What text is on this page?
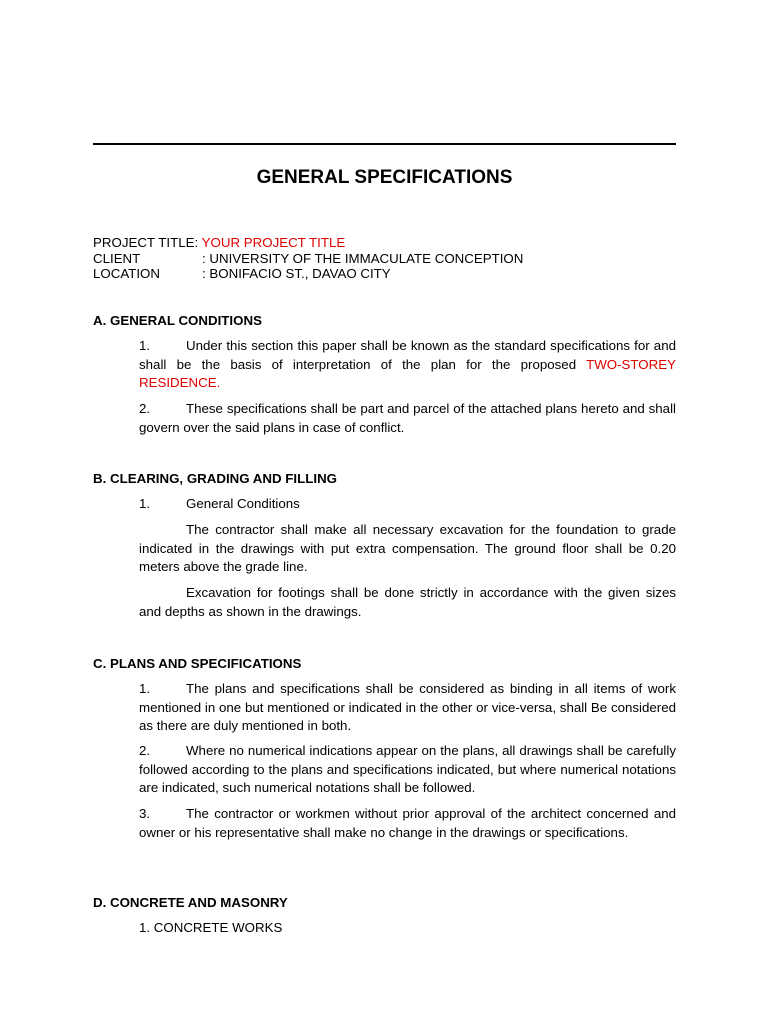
GENERAL SPECIFICATIONS
PROJECT TITLE: YOUR PROJECT TITLE
CLIENT	: UNIVERSITY OF THE IMMACULATE CONCEPTION
LOCATION	: BONIFACIO ST., DAVAO CITY
A. GENERAL CONDITIONS
1.	Under this section this paper shall be known as the standard specifications for and shall be the basis of interpretation of the plan for the proposed TWO-STOREY RESIDENCE.
2.	These specifications shall be part and parcel of the attached plans hereto and shall govern over the said plans in case of conflict.
B. CLEARING, GRADING AND FILLING
1.	General Conditions
The contractor shall make all necessary excavation for the foundation to grade indicated in the drawings with put extra compensation. The ground floor shall be 0.20 meters above the grade line.
Excavation for footings shall be done strictly in accordance with the given sizes and depths as shown in the drawings.
C. PLANS AND SPECIFICATIONS
1.	The plans and specifications shall be considered as binding in all items of work mentioned in one but mentioned or indicated in the other or vice-versa, shall Be considered as there are duly mentioned in both.
2.	Where no numerical indications appear on the plans, all drawings shall be carefully followed according to the plans and specifications indicated, but where numerical notations are indicated, such numerical notations shall be followed.
3.	The contractor or workmen without prior approval of the architect concerned and owner or his representative shall make no change in the drawings or specifications.
D. CONCRETE AND MASONRY
1. CONCRETE WORKS
